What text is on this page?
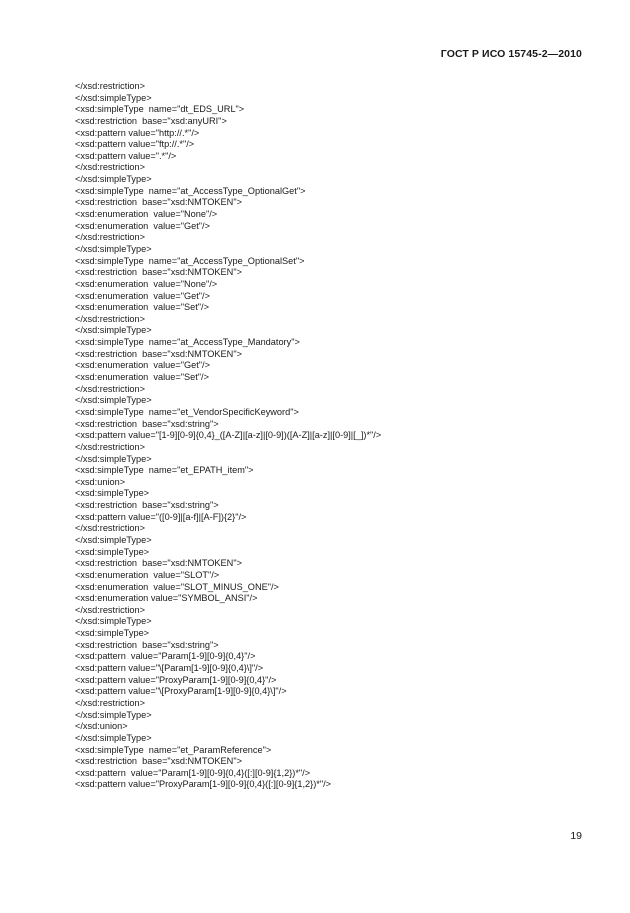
ГОСТ Р ИСО 15745-2—2010
</xsd:restriction>
</xsd:simpleType>
<xsd:simpleType  name="dt_EDS_URL">
<xsd:restriction  base="xsd:anyURI">
<xsd:pattern value="http://.*"/>
<xsd:pattern value="ftp://.*"/>
<xsd:pattern value=".*"/>
</xsd:restriction>
</xsd:simpleType>
<xsd:simpleType  name="at_AccessType_OptionalGet">
<xsd:restriction  base="xsd:NMTOKEN">
<xsd:enumeration  value="None"/>
<xsd:enumeration  value="Get"/>
</xsd:restriction>
</xsd:simpleType>
<xsd:simpleType  name="at_AccessType_OptionalSet">
<xsd:restriction  base="xsd:NMTOKEN">
<xsd:enumeration  value="None"/>
<xsd:enumeration  value="Get"/>
<xsd:enumeration  value="Set"/>
</xsd:restriction>
</xsd:simpleType>
<xsd:simpleType  name="at_AccessType_Mandatory">
<xsd:restriction  base="xsd:NMTOKEN">
<xsd:enumeration  value="Get"/>
<xsd:enumeration  value="Set"/>
</xsd:restriction>
</xsd:simpleType>
<xsd:simpleType  name="et_VendorSpecificKeyword">
<xsd:restriction  base="xsd:string">
<xsd:pattern value="[1-9][0-9]{0,4}_([A-Z]|[a-z]|[0-9])([A-Z]|[a-z]|[0-9]|[_])*"/>
</xsd:restriction>
</xsd:simpleType>
<xsd:simpleType  name="et_EPATH_item">
<xsd:union>
<xsd:simpleType>
<xsd:restriction  base="xsd:string">
<xsd:pattern value="([0-9]|[a-f]|[A-F]){2}"/>
</xsd:restriction>
</xsd:simpleType>
<xsd:simpleType>
<xsd:restriction  base="xsd:NMTOKEN">
<xsd:enumeration  value="SLOT"/>
<xsd:enumeration  value="SLOT_MINUS_ONE"/>
<xsd:enumeration value="SYMBOL_ANSI"/>
</xsd:restriction>
</xsd:simpleType>
<xsd:simpleType>
<xsd:restriction  base="xsd:string">
<xsd:pattern  value="Param[1-9][0-9]{0,4}"/>
<xsd:pattern value="\[Param[1-9][0-9]{0,4}\]"/>
<xsd:pattern value="ProxyParam[1-9][0-9]{0,4}"/>
<xsd:pattern value="\[ProxyParam[1-9][0-9]{0,4}\]"/>
</xsd:restriction>
</xsd:simpleType>
</xsd:union>
</xsd:simpleType>
<xsd:simpleType  name="et_ParamReference">
<xsd:restriction  base="xsd:NMTOKEN">
<xsd:pattern  value="Param[1-9][0-9]{0,4}([:][0-9]{1,2})*"/>
<xsd:pattern value="ProxyParam[1-9][0-9]{0,4}([:][0-9]{1,2})*"/>
19
